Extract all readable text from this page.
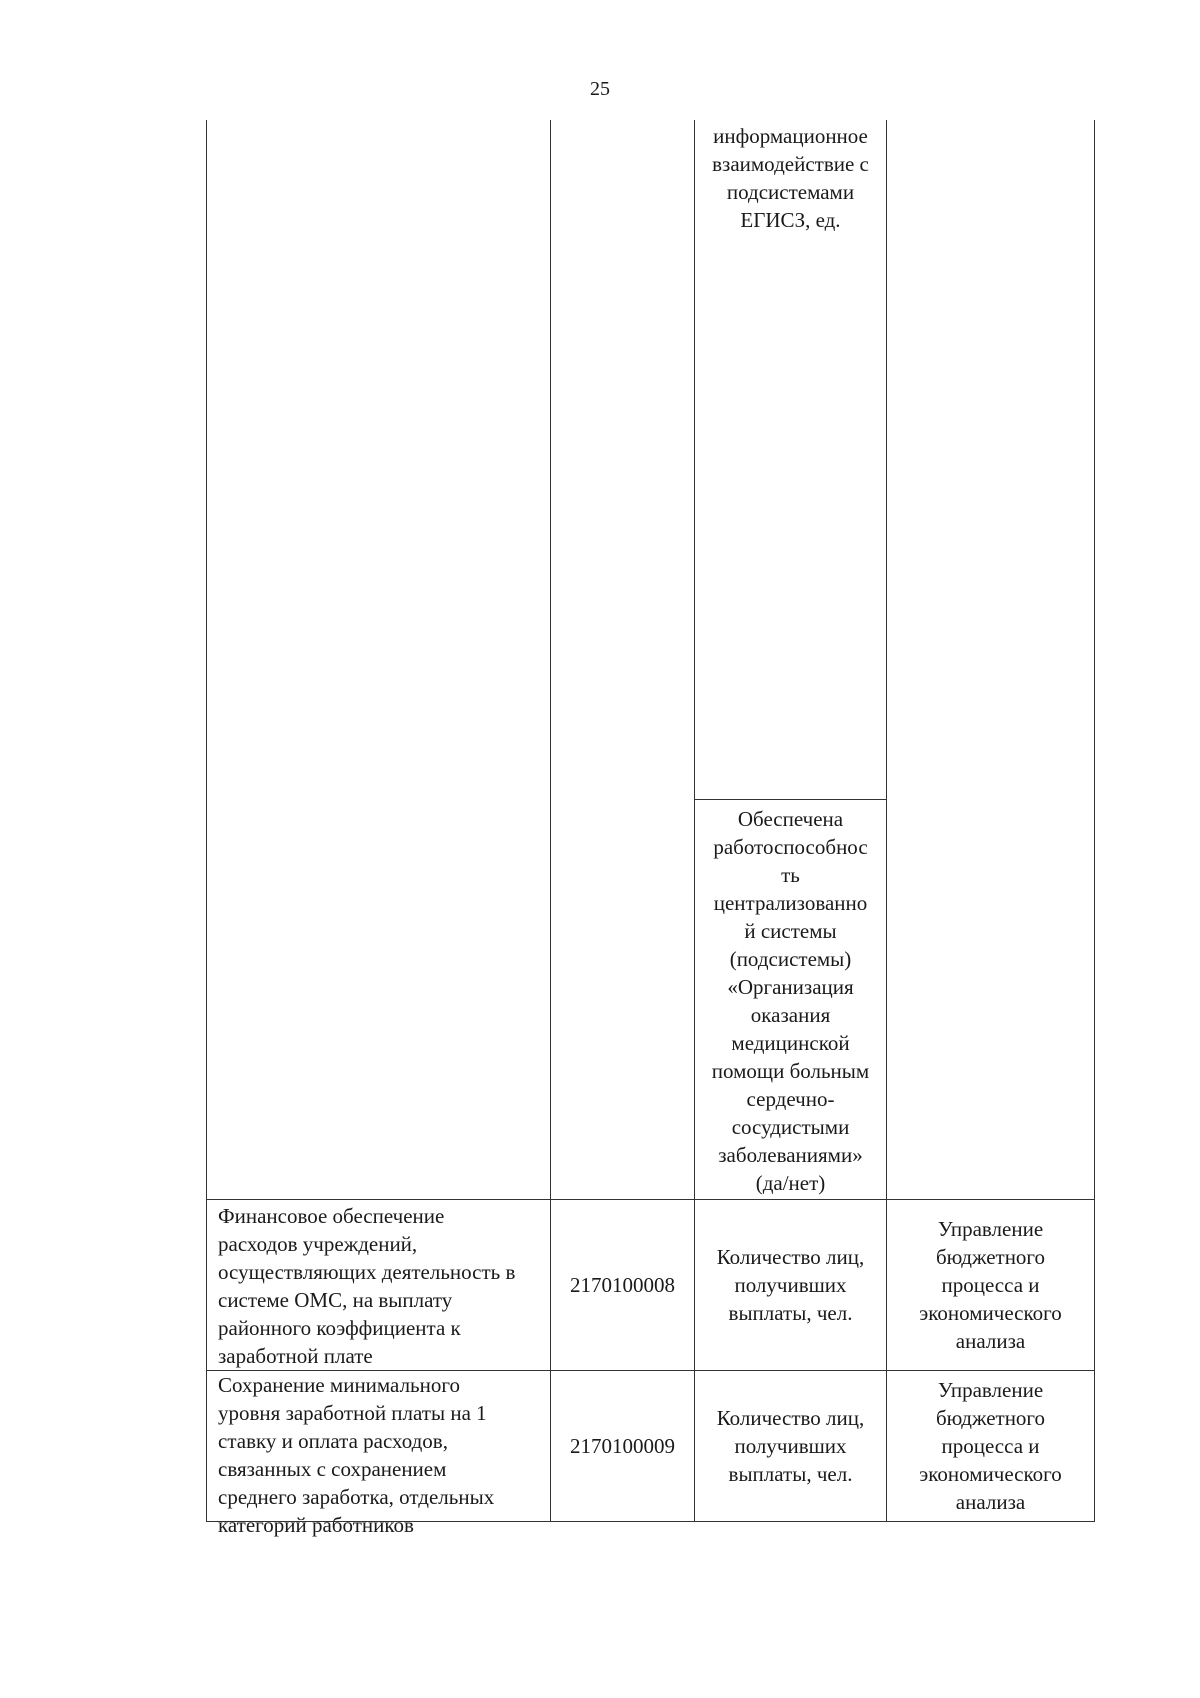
25
информационное
взаимодействие с
подсистемами
ЕГИСЗ, ед.
Обеспечена
работоспособнос
ть
централизованно
й системы
(подсистемы)
«Организация
оказания
медицинской
помощи больным
сердечно-
сосудистыми
заболеваниями»
(да/нет)
Финансовое обеспечение
расходов учреждений,
осуществляющих деятельность в
системе ОМС, на выплату
районного коэффициента к
заработной плате
2170100008
Количество лиц,
получивших
выплаты, чел.
Управление
бюджетного
процесса и
экономического
анализа
Сохранение минимального
уровня заработной платы на 1
ставку и оплата расходов,
связанных с сохранением
среднего заработка, отдельных
категорий работников
2170100009
Количество лиц,
получивших
выплаты, чел.
Управление
бюджетного
процесса и
экономического
анализа
